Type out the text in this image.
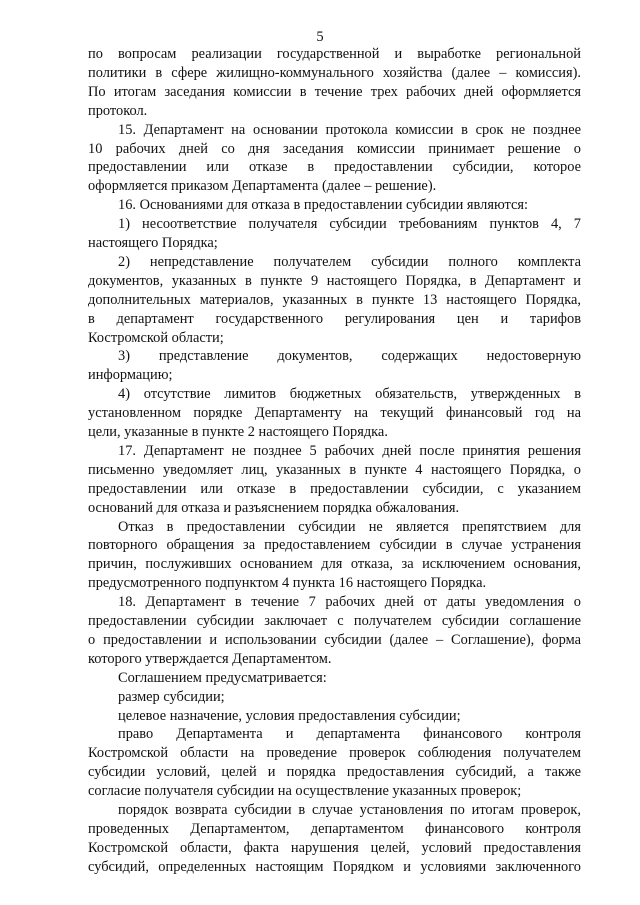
5
по вопросам реализации государственной и выработке региональной
политики в сфере жилищно-коммунального хозяйства (далее – комиссия).
По итогам заседания комиссии в течение трех рабочих дней оформляется
протокол.
15. Департамент на основании протокола комиссии в срок не позднее
10 рабочих дней со дня заседания комиссии принимает решение о
предоставлении или отказе в предоставлении субсидии, которое
оформляется приказом Департамента (далее – решение).
16. Основаниями для отказа в предоставлении субсидии являются:
1) несоответствие получателя субсидии требованиям пунктов 4, 7
настоящего Порядка;
2) непредставление получателем субсидии полного комплекта
документов, указанных в пункте 9 настоящего Порядка, в Департамент и
дополнительных материалов, указанных в пункте 13 настоящего Порядка,
в департамент государственного регулирования цен и тарифов
Костромской области;
3) представление документов, содержащих недостоверную
информацию;
4) отсутствие лимитов бюджетных обязательств, утвержденных в
установленном порядке Департаменту на текущий финансовый год на
цели, указанные в пункте 2 настоящего Порядка.
17. Департамент не позднее 5 рабочих дней после принятия решения
письменно уведомляет лиц, указанных в пункте 4 настоящего Порядка, о
предоставлении или отказе в предоставлении субсидии, с указанием
оснований для отказа и разъяснением порядка обжалования.
Отказ в предоставлении субсидии не является препятствием для
повторного обращения за предоставлением субсидии в случае устранения
причин, послуживших основанием для отказа, за исключением основания,
предусмотренного подпунктом 4 пункта 16 настоящего Порядка.
18. Департамент в течение 7 рабочих дней от даты уведомления о
предоставлении субсидии заключает с получателем субсидии соглашение
о предоставлении и использовании субсидии (далее – Соглашение), форма
которого утверждается Департаментом.
Соглашением предусматривается:
размер субсидии;
целевое назначение, условия предоставления субсидии;
право Департамента и департамента финансового контроля
Костромской области на проведение проверок соблюдения получателем
субсидии условий, целей и порядка предоставления субсидий, а также
согласие получателя субсидии на осуществление указанных проверок;
порядок возврата субсидии в случае установления по итогам проверок,
проведенных Департаментом, департаментом финансового контроля
Костромской области, факта нарушения целей, условий предоставления
субсидий, определенных настоящим Порядком и условиями заключенного
